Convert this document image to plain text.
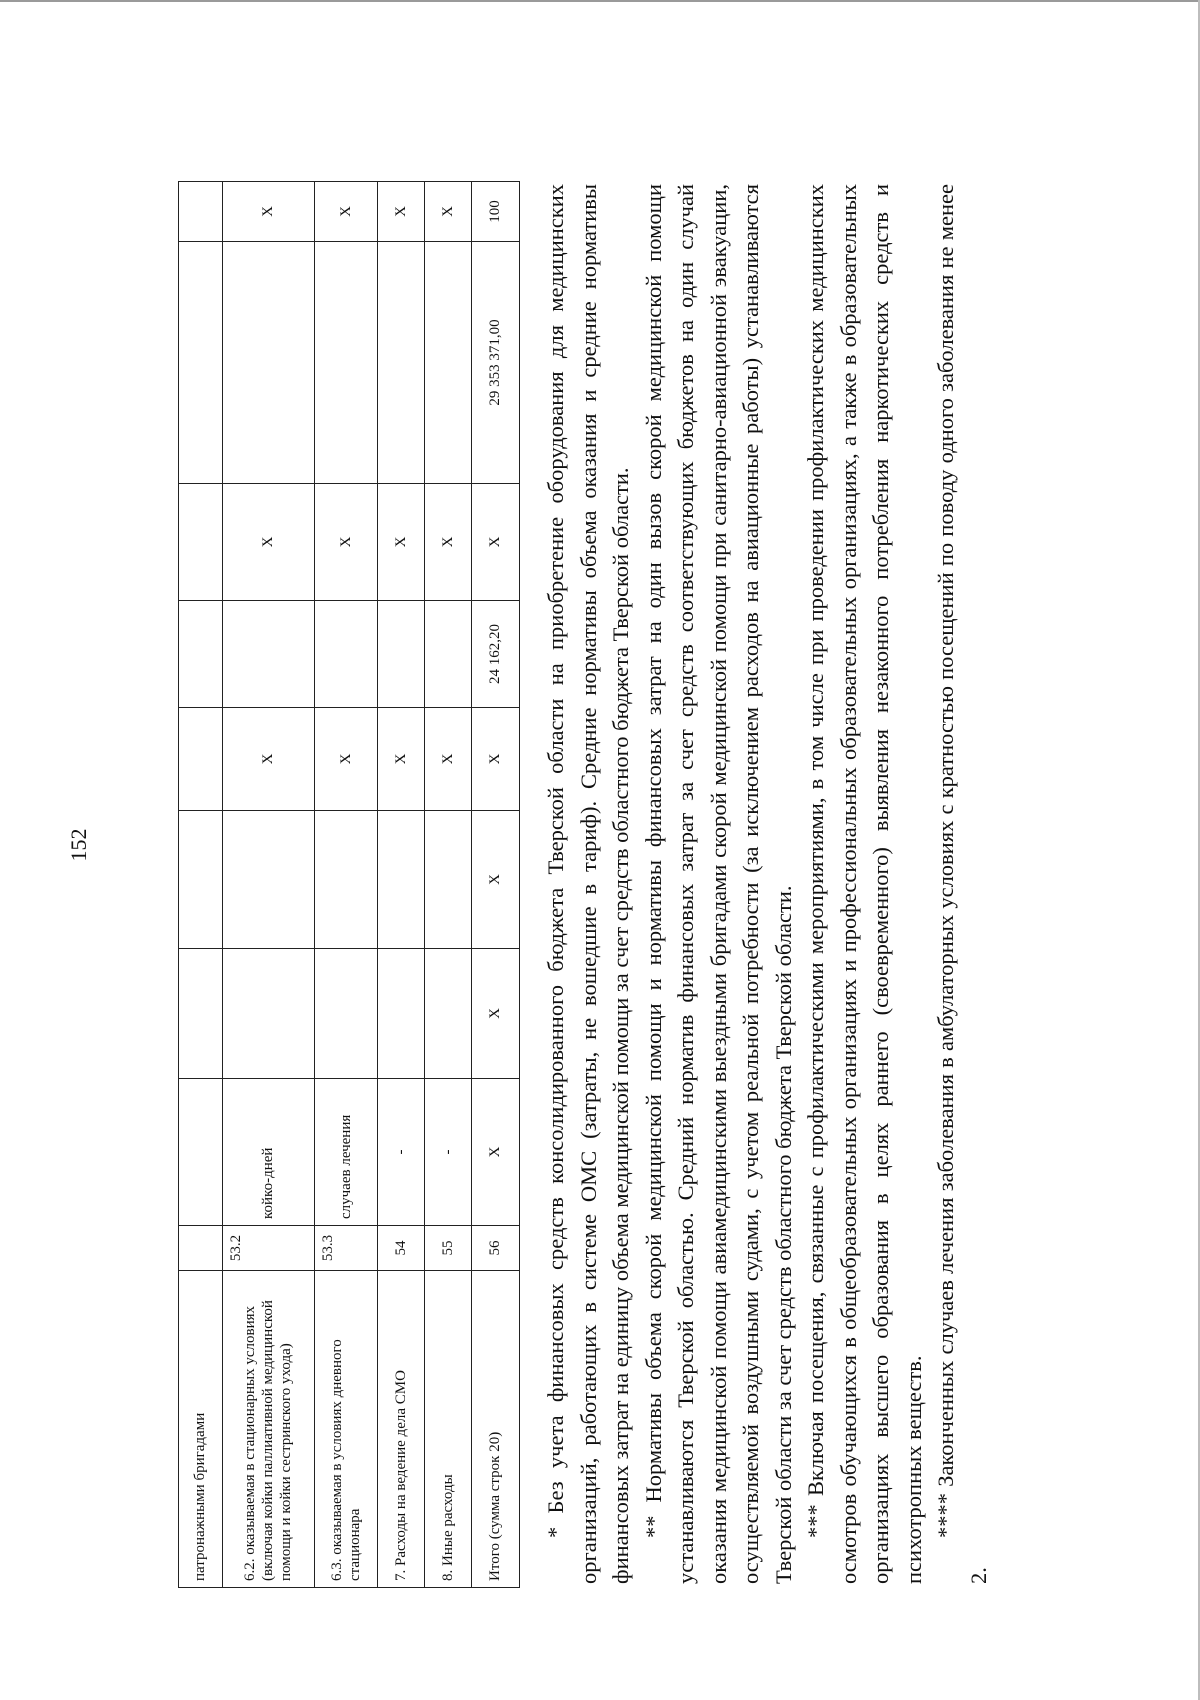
152
патронажными бригадами									
6.2. оказываемая в стационарных условиях (включая койки паллиативной медицинской помощи и койки сестринского ухода)	53.2	койко-дней			Х		Х		Х
6.3. оказываемая в условиях дневного стационара	53.3	случаев лечения			Х		Х		Х
7. Расходы на ведение дела СМО	54	-			Х		Х		Х
8. Иные расходы	55	-			Х		Х		Х
Итого (сумма строк 20)	56	Х	Х	Х	Х	24 162,20	Х	29 353 371,00	100 * Без учета финансовых средств консолидированного бюджета Тверской области на приобретение оборудования для медицинских организаций, работающих в системе ОМС (затраты, не вошедшие в тариф). Средние нормативы объема оказания и средние нормативы финансовых затрат на единицу объема медицинской помощи за счет средств областного бюджета Тверской области. ** Нормативы объема скорой медицинской помощи и нормативы финансовых затрат на один вызов скорой медицинской помощи устанавливаются Тверской областью. Средний норматив финансовых затрат за счет средств соответствующих бюджетов на один случай оказания медицинской помощи авиамедицинскими выездными бригадами скорой медицинской помощи при санитарно-авиационной эвакуации, осуществляемой воздушными судами, с учетом реальной потребности (за исключением расходов на авиационные работы) устанавливаются Тверской области за счет средств областного бюджета Тверской области. *** Включая посещения, связанные с профилактическими мероприятиями, в том числе при проведении профилактических медицинских осмотров обучающихся в общеобразовательных организациях и профессиональных образовательных организациях, а также в образовательных организациях высшего образования в целях раннего (своевременного) выявления незаконного потребления наркотических средств и психотропных веществ. **** Законченных случаев лечения заболевания в амбулаторных условиях с кратностью посещений по поводу одного заболевания не менее 2.
